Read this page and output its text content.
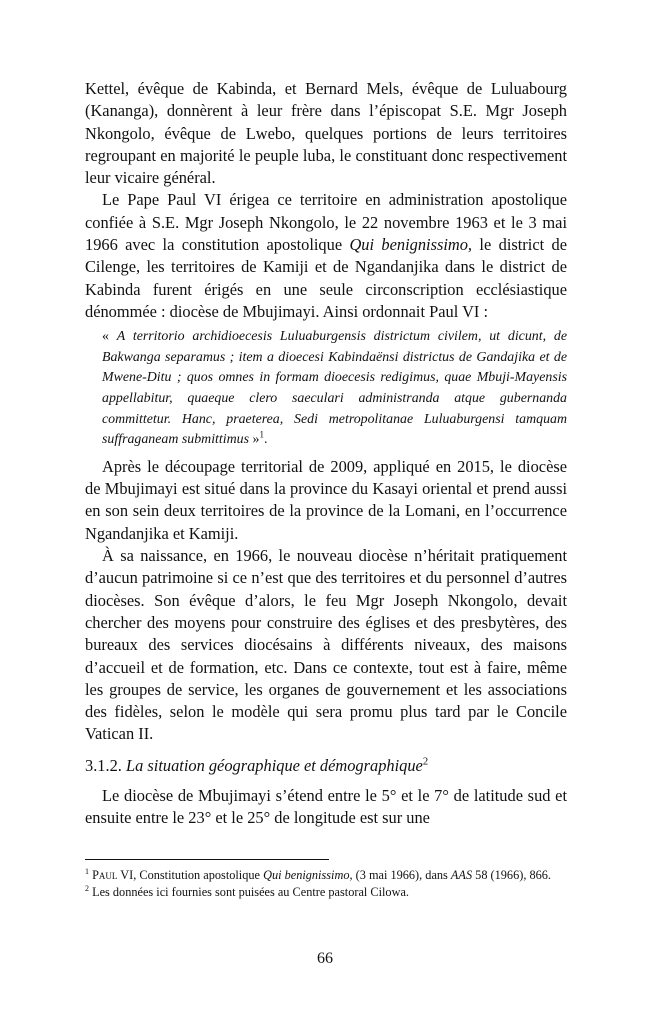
Kettel, évêque de Kabinda, et Bernard Mels, évêque de Luluabourg (Kananga), donnèrent à leur frère dans l’épiscopat S.E. Mgr Joseph Nkongolo, évêque de Lwebo, quelques portions de leurs territoires regroupant en majorité le peuple luba, le constituant donc respectivement leur vicaire général.

Le Pape Paul VI érigea ce territoire en administration apostolique confiée à S.E. Mgr Joseph Nkongolo, le 22 novembre 1963 et le 3 mai 1966 avec la constitution apostolique Qui benignissimo, le district de Cilenge, les territoires de Kamiji et de Ngandanjika dans le district de Kabinda furent érigés en une seule circonscription ecclésiastique dénommée : diocèse de Mbujimayi. Ainsi ordonnait Paul VI :

« A territorio archidioecesis Luluaburgensis districtum civilem, ut dicunt, de Bakwanga separamus ; item a dioecesi Kabindaënsi districtus de Gandajika et de Mwene-Ditu ; quos omnes in formam dioecesis redigimus, quae Mbuji-Mayensis appellabitur, quaeque clero saeculari administranda atque gubernanda committetur. Hanc, praeterea, Sedi metropolitanae Luluaburgensi tamquam suffraganeam submittimus »$^1$.

Après le découpage territorial de 2009, appliqué en 2015, le diocèse de Mbujimayi est situé dans la province du Kasayi oriental et prend aussi en son sein deux territoires de la province de la Lomani, en l’occurrence Ngandanjika et Kamiji.

À sa naissance, en 1966, le nouveau diocèse n’héritait pratiquement d’aucun patrimoine si ce n’est que des territoires et du personnel d’autres diocèses. Son évêque d’alors, le feu Mgr Joseph Nkongolo, devait chercher des moyens pour construire des églises et des presbytères, des bureaux des services diocésains à différents niveaux, des maisons d’accueil et de formation, etc. Dans ce contexte, tout est à faire, même les groupes de service, les organes de gouvernement et les associations des fidèles, selon le modèle qui sera promu plus tard par le Concile Vatican II.

3.1.2. La situation géographique et démographique$^2$

Le diocèse de Mbujimayi s’étend entre le 5° et le 7° de latitude sud et ensuite entre le 23° et le 25° de longitude est sur une

$^1$ Paul VI, Constitution apostolique Qui benignissimo, (3 mai 1966), dans AAS 58 (1966), 866.

$^2$ Les données ici fournies sont puisées au Centre pastoral Cilowa.

66
